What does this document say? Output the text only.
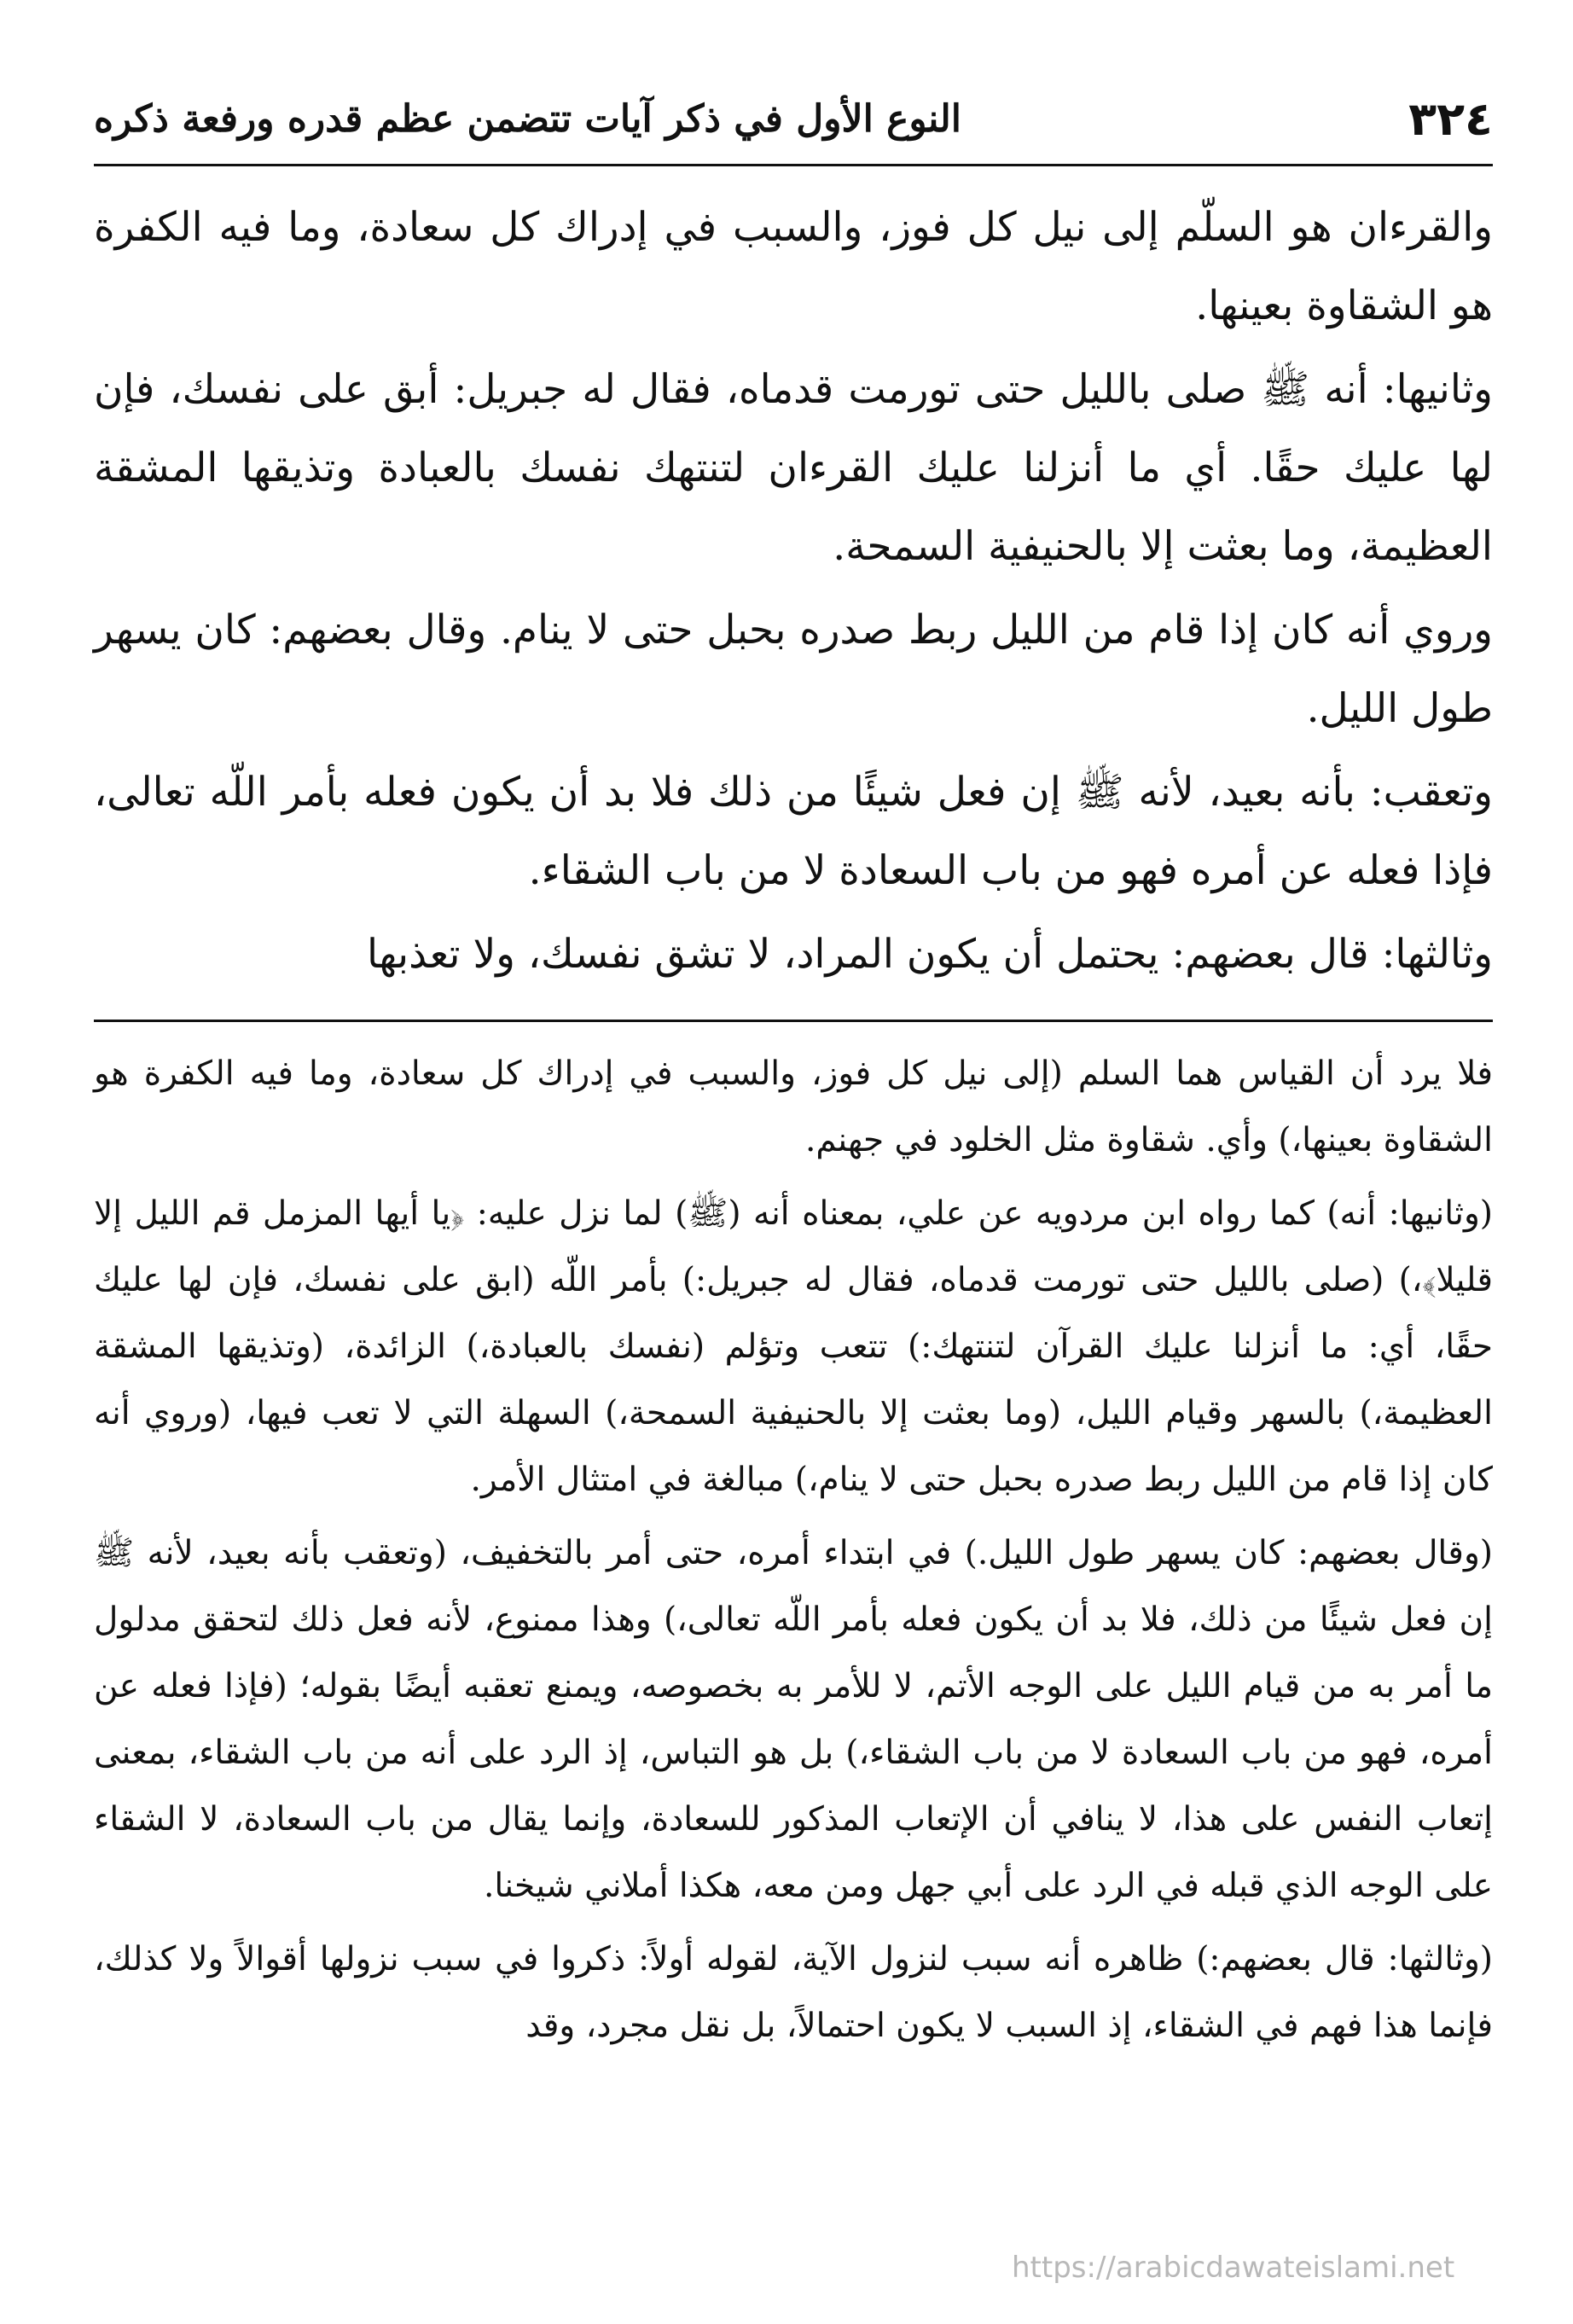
٣٢٤
النوع الأول في ذكر آيات تتضمن عظم قدره ورفعة ذكره

والقرءان هو السلّم إلى نيل كل فوز، والسبب في إدراك كل سعادة، وما فيه الكفرة هو الشقاوة بعينها.

وثانيها: أنه ﷺ صلى بالليل حتى تورمت قدماه، فقال له جبريل: أبق على نفسك، فإن لها عليك حقًا. أي ما أنزلنا عليك القرءان لتنتهك نفسك بالعبادة وتذيقها المشقة العظيمة، وما بعثت إلا بالحنيفية السمحة.

وروي أنه كان إذا قام من الليل ربط صدره بحبل حتى لا ينام. وقال بعضهم: كان يسهر طول الليل.

وتعقب: بأنه بعيد، لأنه ﷺ إن فعل شيئًا من ذلك فلا بد أن يكون فعله بأمر اللّه تعالى، فإذا فعله عن أمره فهو من باب السعادة لا من باب الشقاء.

وثالثها: قال بعضهم: يحتمل أن يكون المراد، لا تشق نفسك، ولا تعذبها

فلا يرد أن القياس هما السلم (إلى نيل كل فوز، والسبب في إدراك كل سعادة، وما فيه الكفرة هو الشقاوة بعينها،) وأي. شقاوة مثل الخلود في جهنم.

(وثانيها: أنه) كما رواه ابن مردويه عن علي، بمعناه أنه (ﷺ) لما نزل عليه: ﴿يا أيها المزمل قم الليل إلا قليلا﴾،) (صلى بالليل حتى تورمت قدماه، فقال له جبريل:) بأمر اللّه (ابق على نفسك، فإن لها عليك حقًا، أي: ما أنزلنا عليك القرآن لتنتهك:) تتعب وتؤلم (نفسك بالعبادة،) الزائدة، (وتذيقها المشقة العظيمة،) بالسهر وقيام الليل، (وما بعثت إلا بالحنيفية السمحة،) السهلة التي لا تعب فيها، (وروي أنه كان إذا قام من الليل ربط صدره بحبل حتى لا ينام،) مبالغة في امتثال الأمر.

(وقال بعضهم: كان يسهر طول الليل.) في ابتداء أمره، حتى أمر بالتخفيف، (وتعقب بأنه بعيد، لأنه ﷺ إن فعل شيئًا من ذلك، فلا بد أن يكون فعله بأمر اللّه تعالى،) وهذا ممنوع، لأنه فعل ذلك لتحقق مدلول ما أمر به من قيام الليل على الوجه الأتم، لا للأمر به بخصوصه، ويمنع تعقبه أيضًا بقوله؛ (فإذا فعله عن أمره، فهو من باب السعادة لا من باب الشقاء،) بل هو التباس، إذ الرد على أنه من باب الشقاء، بمعنى إتعاب النفس على هذا، لا ينافي أن الإتعاب المذكور للسعادة، وإنما يقال من باب السعادة، لا الشقاء على الوجه الذي قبله في الرد على أبي جهل ومن معه، هكذا أملاني شيخنا.

(وثالثها: قال بعضهم:) ظاهره أنه سبب لنزول الآية، لقوله أولاً: ذكروا في سبب نزولها أقوالاً ولا كذلك، فإنما هذا فهم في الشقاء، إذ السبب لا يكون احتمالاً، بل نقل مجرد، وقد

https://arabicdawateislami.net
